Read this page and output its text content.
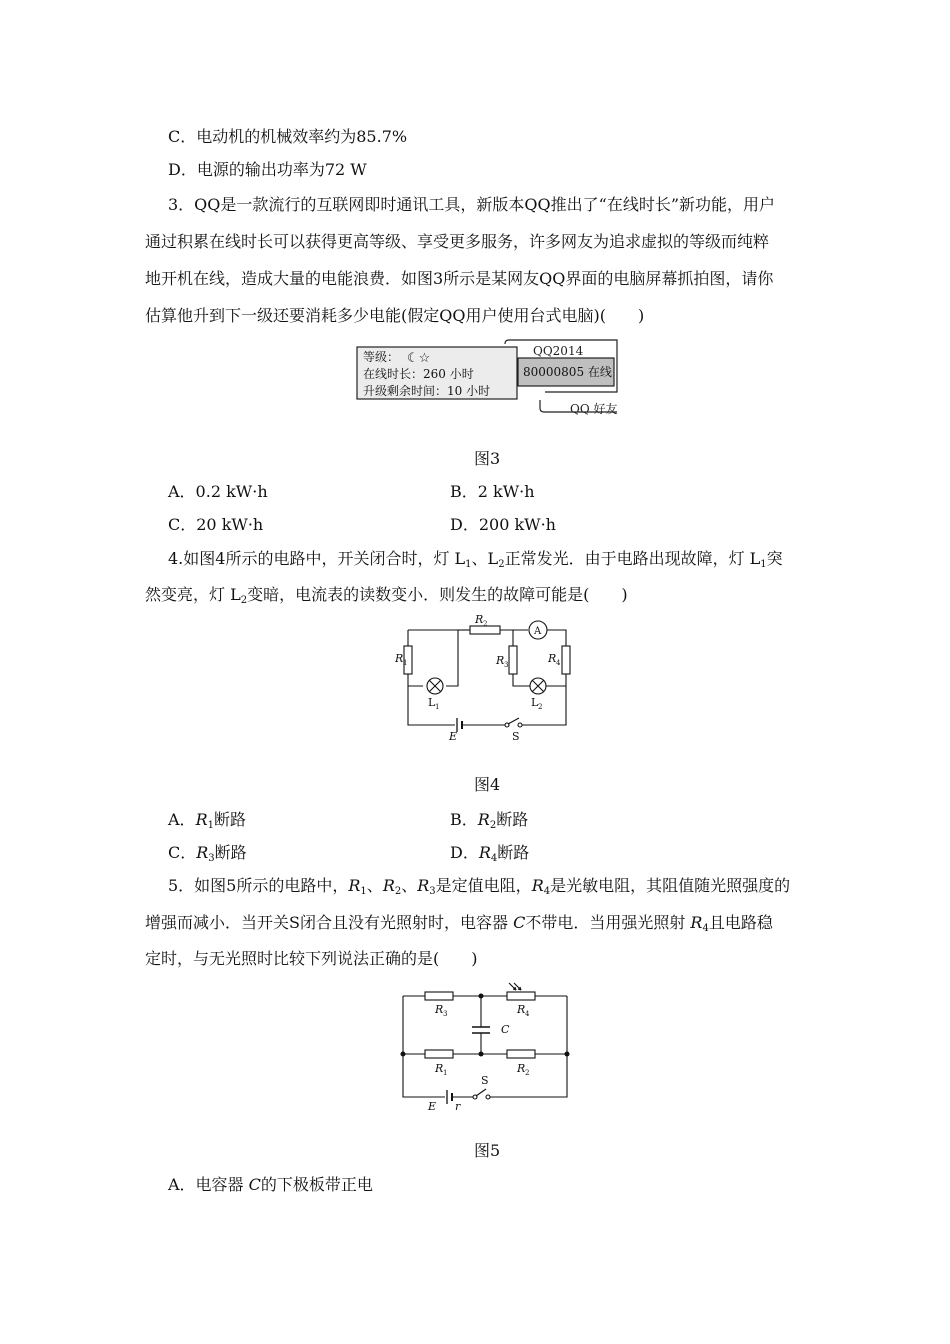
C．电动机的机械效率约为85.7%
D．电源的输出功率为72 W
3．QQ是一款流行的互联网即时通讯工具，新版本QQ推出了“在线时长”新功能，用户
通过积累在线时长可以获得更高等级、享受更多服务，许多网友为追求虚拟的等级而纯粹
地开机在线，造成大量的电能浪费．如图3所示是某网友QQ界面的电脑屏幕抓拍图，请你
估算他升到下一级还要消耗多少电能(假定QQ用户使用台式电脑)(　　)
QQ2014
80000805 在线
QQ 好友
等级： ☾☆
在线时长：260 小时
升级剩余时间：10 小时
图3
A．0.2 kW·h	B．2 kW·h
C．20 kW·h	D．200 kW·h
4.如图4所示的电路中，开关闭合时，灯 $L_1$、$L_2$正常发光．由于电路出现故障，灯 $L_1$突
然变亮，灯 $L_2$变暗，电流表的读数变小．则发生的故障可能是(　　)
R
R
R	R
A
L	L
E	S
1
2
3	4
1	2
图4
A．$R_1$断路	B．$R_2$断路
C．$R_3$断路	D．$R_4$断路
5．如图5所示的电路中，$R_1$、$R_2$、$R_3$是定值电阻，$R_4$是光敏电阻，其阻值随光照强度的
增强而减小．当开关S闭合且没有光照射时，电容器 C不带电．当用强光照射 $R_4$且电路稳
定时，与无光照时比较下列说法正确的是(　　)
R	R
C
R	R
E r
S
3	4
1	2
图5
A．电容器 C的下极板带正电
